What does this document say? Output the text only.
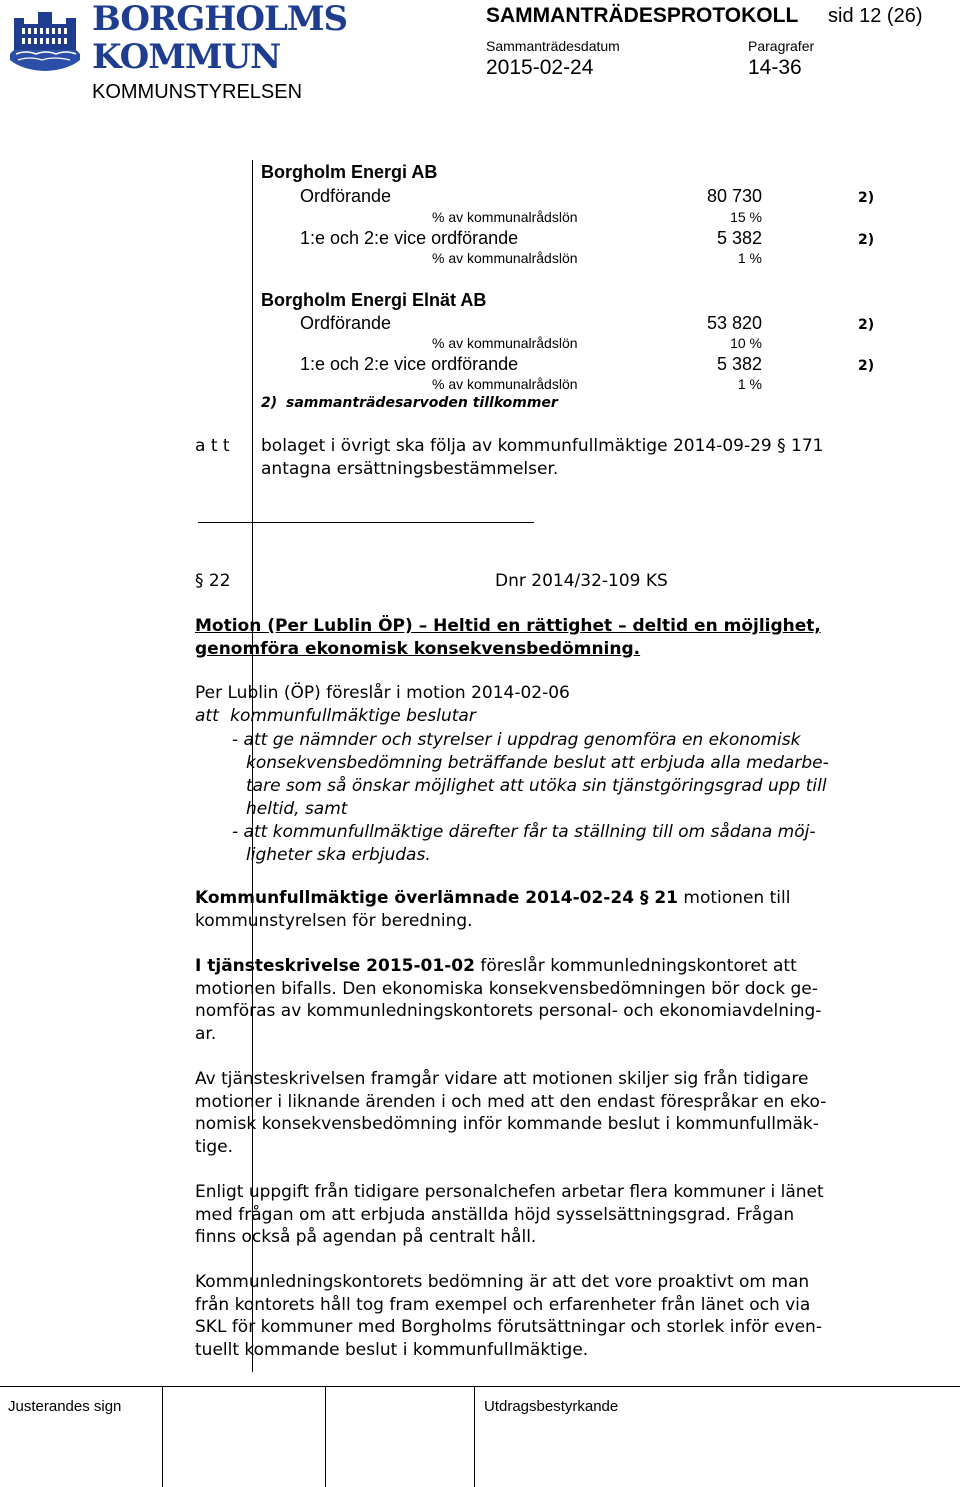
BORGHOLMS
KOMMUN
KOMMUNSTYRELSEN
SAMMANTRÄDESPROTOKOLL sid 12 (26)
Sammanträdesdatum
2015-02-24
Paragrafer
14-36
Borgholm Energi AB
Ordförande	80 730	2)
% av kommunalrådslön	15 %
1:e och 2:e vice ordförande	5 382	2)
% av kommunalrådslön	1 %
Borgholm Energi Elnät AB
Ordförande	53 820	2)
% av kommunalrådslön	10 %
1:e och 2:e vice ordförande	5 382	2)
% av kommunalrådslön	1 %
2) sammanträdesarvoden tillkommer
a t t bolaget i övrigt ska följa av kommunfullmäktige 2014-09-29 § 171
antagna ersättningsbestämmelser.
§ 22	Dnr 2014/32-109 KS
Motion (Per Lublin ÖP) – Heltid en rättighet – deltid en möjlighet,
genomföra ekonomisk konsekvensbedömning.
Per Lublin (ÖP) föreslår i motion 2014-02-06
att kommunfullmäktige beslutar
- att ge nämnder och styrelser i uppdrag genomföra en ekonomisk
konsekvensbedömning beträffande beslut att erbjuda alla medarbe-
tare som så önskar möjlighet att utöka sin tjänstgöringsgrad upp till
heltid, samt
- att kommunfullmäktige därefter får ta ställning till om sådana möj-
ligheter ska erbjudas.

Kommunfullmäktige överlämnade 2014-02-24 § 21 motionen till

kommunstyrelsen för beredning.

I tjänsteskrivelse 2015-01-02 föreslår kommunledningskontoret att

motionen bifalls. Den ekonomiska konsekvensbedömningen bör dock ge-

nomföras av kommunledningskontorets personal- och ekonomiavdelning-

ar.

Av tjänsteskrivelsen framgår vidare att motionen skiljer sig från tidigare

motioner i liknande ärenden i och med att den endast förespråkar en eko-

nomisk konsekvensbedömning inför kommande beslut i kommunfullmäk-

tige.

Enligt uppgift från tidigare personalchefen arbetar flera kommuner i länet

med frågan om att erbjuda anställda höjd sysselsättningsgrad. Frågan

finns också på agendan på centralt håll.

Kommunledningskontorets bedömning är att det vore proaktivt om man

från kontorets håll tog fram exempel och erfarenheter från länet och via

SKL för kommuner med Borgholms förutsättningar och storlek inför even-

tuellt kommande beslut i kommunfullmäktige.

Justerandes sign	Utdragsbestyrkande
